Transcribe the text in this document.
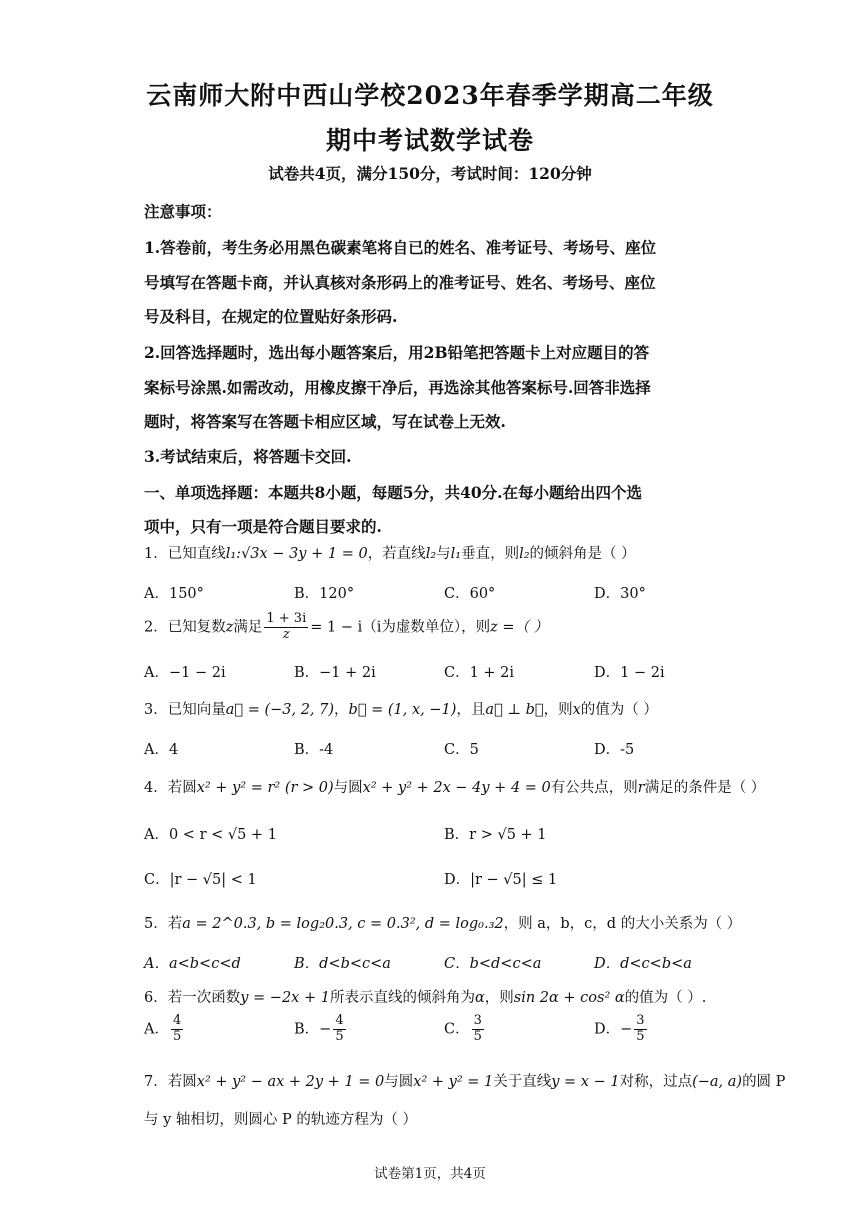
云南师大附中西山学校2023年春季学期高二年级
期中考试数学试卷
试卷共4页，满分150分，考试时间：120分钟
注意事项：
1.答卷前，考生务必用黑色碳素笔将自已的姓名、准考证号、考场号、座位
号填写在答题卡商，并认真核对条形码上的准考证号、姓名、考场号、座位
号及科目，在规定的位置贴好条形码.
2.回答选择题时，选出每小题答案后，用2B铅笔把答题卡上对应题目的答
案标号涂黑.如需改动，用橡皮擦干净后，再选涂其他答案标号.回答非选择
题时，将答案写在答题卡相应区域，写在试卷上无效.
3.考试结束后，将答题卡交回.
一、单项选择题：本题共8小题，每题5分，共40分.在每小题给出四个选
项中，只有一项是符合题目要求的.
1．已知直线l₁:√3x − 3y + 1 = 0，若直线l₂与l₁垂直，则l₂的倾斜角是（ ）
A．150°	B．120°	C．60°	D．30°
2．已知复数z满足 $\frac{1 + 3i}{z} = 1 - i(i$为虚数单位），则z =（ ）
A．−1 − 2i	B．−1 + 2i	C．1 + 2i	D．1 − 2i
3．已知向量a⃗ = (−3, 2, 7)，b⃗ = (1, x, −1)，且a⃗ ⊥ b⃗，则x的值为（ ）
A．4	B．-4	C．5	D．-5
4．若圆x² + y² = r² (r > 0)与圆x² + y² + 2x − 4y + 4 = 0有公共点，则r满足的条件是（ ）
A．0 < r < √5 + 1	B．r > √5 + 1
C．|r − √5| < 1	D．|r − √5| ≤ 1
5．若a = 2^0.3, b = log₂0.3, c = 0.3², d = log₀.₃2，则 a，b，c，d 的大小关系为（ ）
A．a<b<c<d	B．d<b<c<a	C．b<d<c<a	D．d<c<b<a
6．若一次函数y = −2x + 1所表示直线的倾斜角为α，则sin 2α + cos² α的值为（ ）.
A． $\frac{4}{5}$	B．− $\frac{4}{5}$	C． $\frac{3}{5}$	D．− $\frac{3}{5}$
7．若圆x² + y² − ax + 2y + 1 = 0与圆x² + y² = 1关于直线y = x − 1对称，过点(−a, a)的圆 P
与 y 轴相切，则圆心 P 的轨迹方程为（ ）
试卷第1页，共4页
